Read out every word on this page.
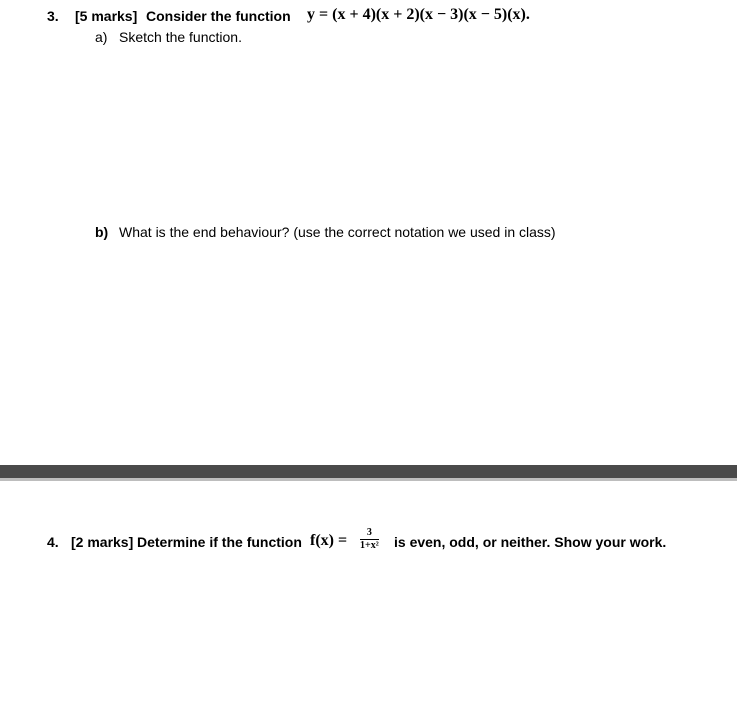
3. [5 marks] Consider the function y = (x + 4)(x + 2)(x − 3)(x − 5)(x).
a) Sketch the function.
b) What is the end behaviour? (use the correct notation we used in class)
4. [2 marks] Determine if the function $f(x) = \frac{3}{\text{1+x²}}$ is even, odd, or neither. Show your work.
